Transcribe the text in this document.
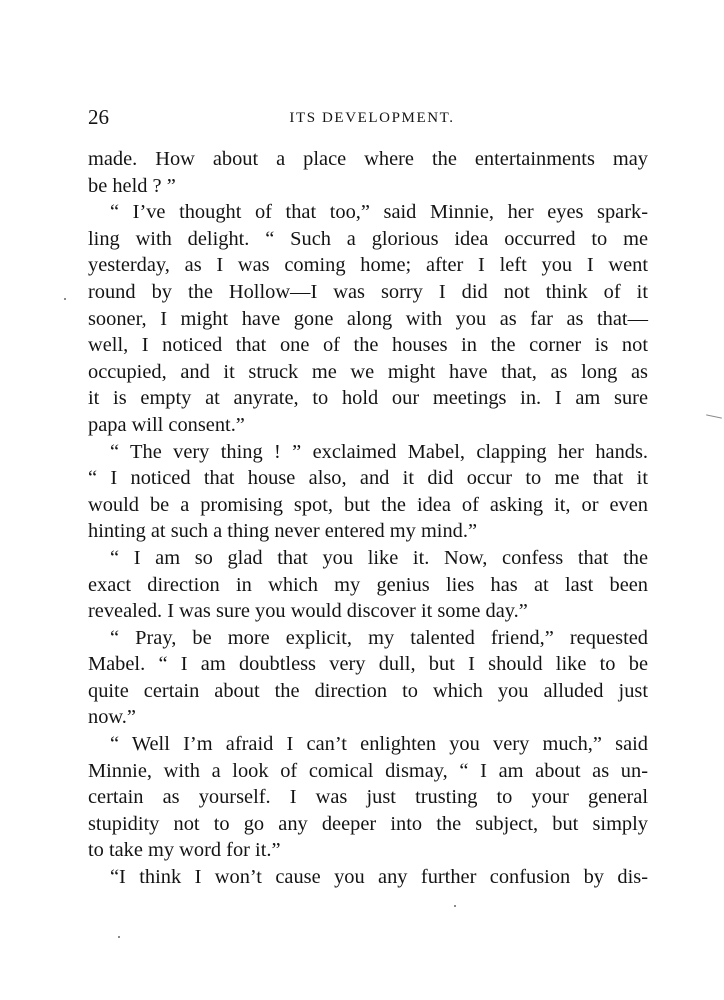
26	ITS DEVELOPMENT.
made. How about a place where the entertainments may
be held ? ”
“ I’ve thought of that too,” said Minnie, her eyes spark-
ling with delight. “ Such a glorious idea occurred to me
yesterday, as I was coming home; after I left you I went
round by the Hollow—I was sorry I did not think of it
sooner, I might have gone along with you as far as that—
well, I noticed that one of the houses in the corner is not
occupied, and it struck me we might have that, as long as
it is empty at anyrate, to hold our meetings in. I am sure
papa will consent.”
“ The very thing ! ” exclaimed Mabel, clapping her hands.
“ I noticed that house also, and it did occur to me that it
would be a promising spot, but the idea of asking it, or even
hinting at such a thing never entered my mind.”
“ I am so glad that you like it. Now, confess that the
exact direction in which my genius lies has at last been
revealed. I was sure you would discover it some day.”
“ Pray, be more explicit, my talented friend,” requested
Mabel. “ I am doubtless very dull, but I should like to be
quite certain about the direction to which you alluded just
now.”
“ Well I’m afraid I can’t enlighten you very much,” said
Minnie, with a look of comical dismay, “ I am about as un-
certain as yourself. I was just trusting to your general
stupidity not to go any deeper into the subject, but simply
to take my word for it.”
“I think I won’t cause you any further confusion by dis-
